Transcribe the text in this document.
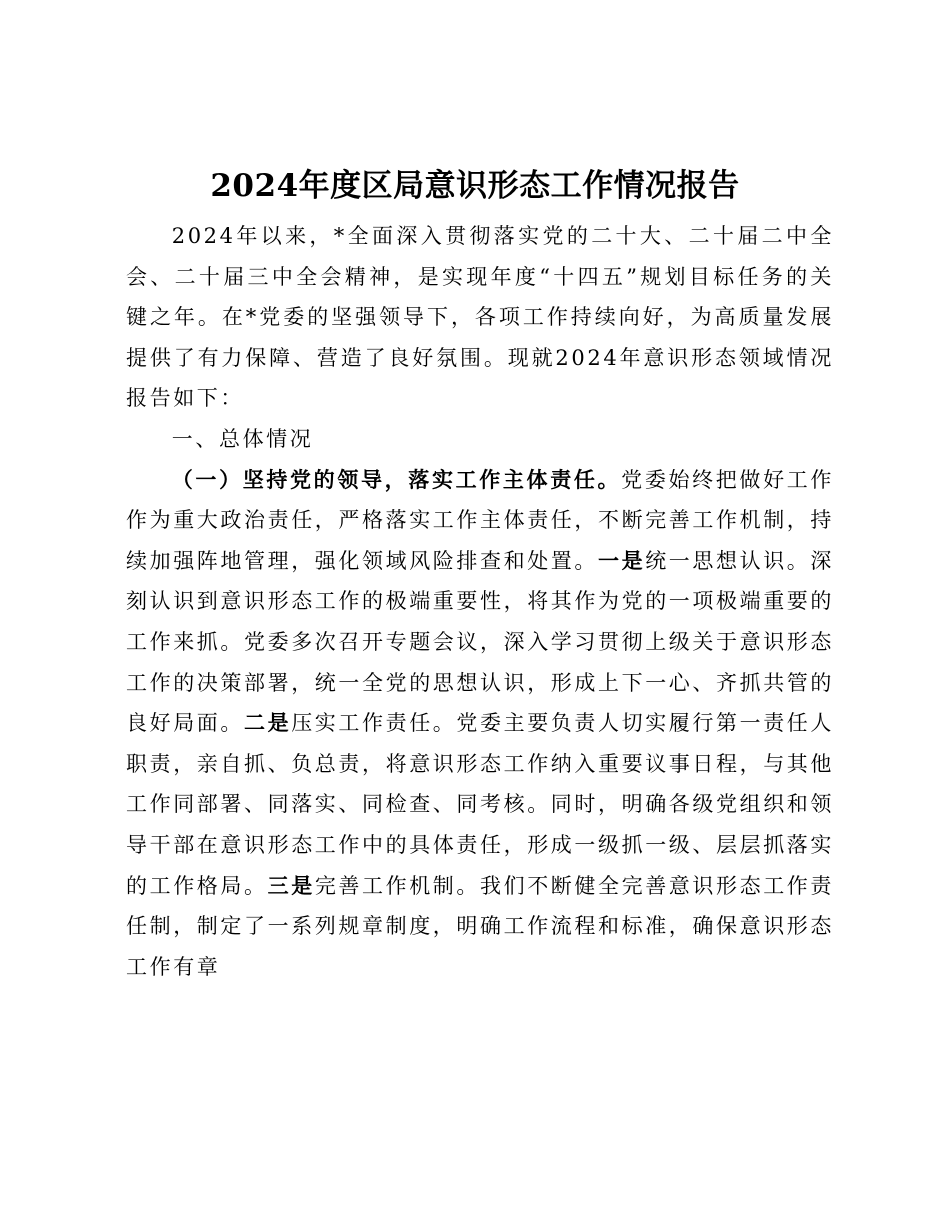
2024年度区局意识形态工作情况报告

2024年以来，*全面深入贯彻落实党的二十大、二十届二中全会、二十届三中全会精神，是实现年度“十四五”规划目标任务的关键之年。在*党委的坚强领导下，各项工作持续向好，为高质量发展提供了有力保障、营造了良好氛围。现就2024年意识形态领域情况报告如下：

一、总体情况

（一）坚持党的领导，落实工作主体责任。党委始终把做好工作作为重大政治责任，严格落实工作主体责任，不断完善工作机制，持续加强阵地管理，强化领域风险排查和处置。一是统一思想认识。深刻认识到意识形态工作的极端重要性，将其作为党的一项极端重要的工作来抓。党委多次召开专题会议，深入学习贯彻上级关于意识形态工作的决策部署，统一全党的思想认识，形成上下一心、齐抓共管的良好局面。二是压实工作责任。党委主要负责人切实履行第一责任人职责，亲自抓、负总责，将意识形态工作纳入重要议事日程，与其他工作同部署、同落实、同检查、同考核。同时，明确各级党组织和领导干部在意识形态工作中的具体责任，形成一级抓一级、层层抓落实的工作格局。三是完善工作机制。我们不断健全完善意识形态工作责任制，制定了一系列规章制度，明确工作流程和标准，确保意识形态工作有章
